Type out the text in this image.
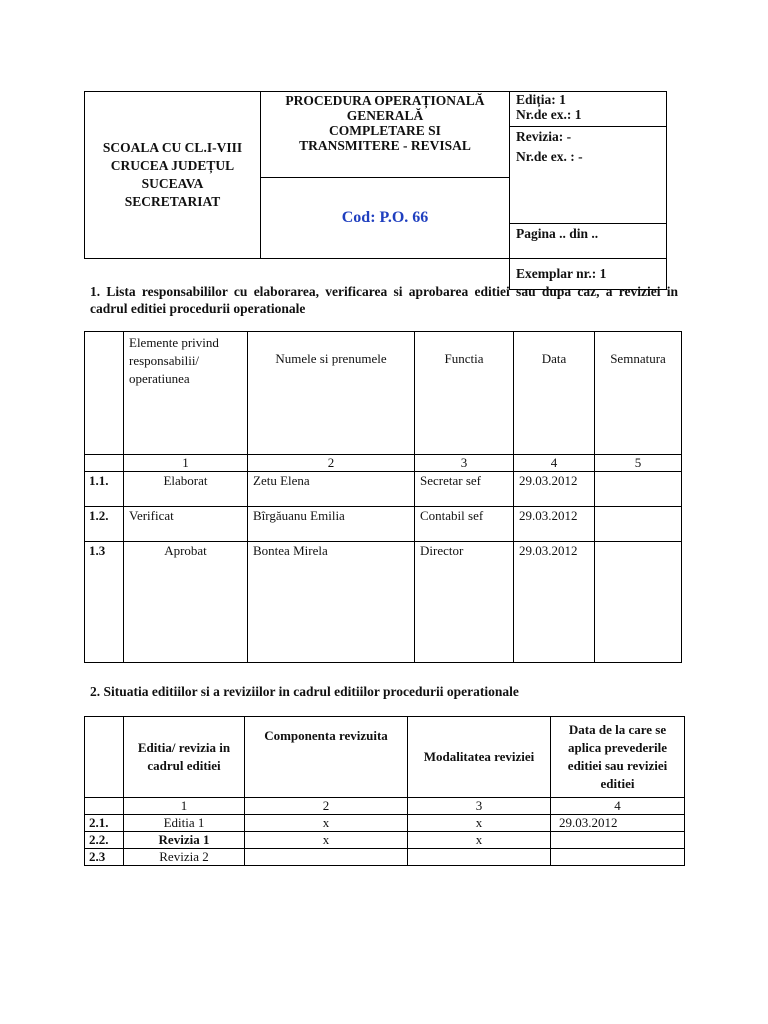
SCOALA CU CL.I-VIII
CRUCEA JUDEȚUL
SUCEAVA
SECRETARIAT	PROCEDURA OPERAȚIONALĂ
GENERALĂ
COMPLETARE SI
TRANSMITERE - REVISAL	Ediția: 1
Nr.de ex.: 1

		Revizia: -
Nr.de ex. : -

	Cod: P.O. 66	
		Pagina .. din ..
		Exemplar nr.: 1

1. Lista responsabililor cu elaborarea, verificarea si aprobarea editiei sau dupa caz, a reviziei in cadrul editiei procedurii operationale

	Elemente privind responsabilii/ operatiunea	Numele si prenumele	Functia	Data	Semnatura
	1	2	3	4	5
1.1.	Elaborat	Zetu Elena	Secretar sef	29.03.2012	

1.2.	Verificat	Bîrgăuanu Emilia	Contabil sef	29.03.2012	

1.3	Aprobat	Bontea Mirela	Director	29.03.2012	

2. Situatia editiilor si a reviziilor in cadrul editiilor procedurii operationale

	Editia/ revizia in cadrul editiei	Componenta revizuita	Modalitatea reviziei	Data de la care se aplica prevederile editiei sau reviziei editiei
	1	2	3	4
2.1.	Editia 1	x	x	29.03.2012
2.2.	Revizia 1	x	x	
2.3	Revizia 2			
